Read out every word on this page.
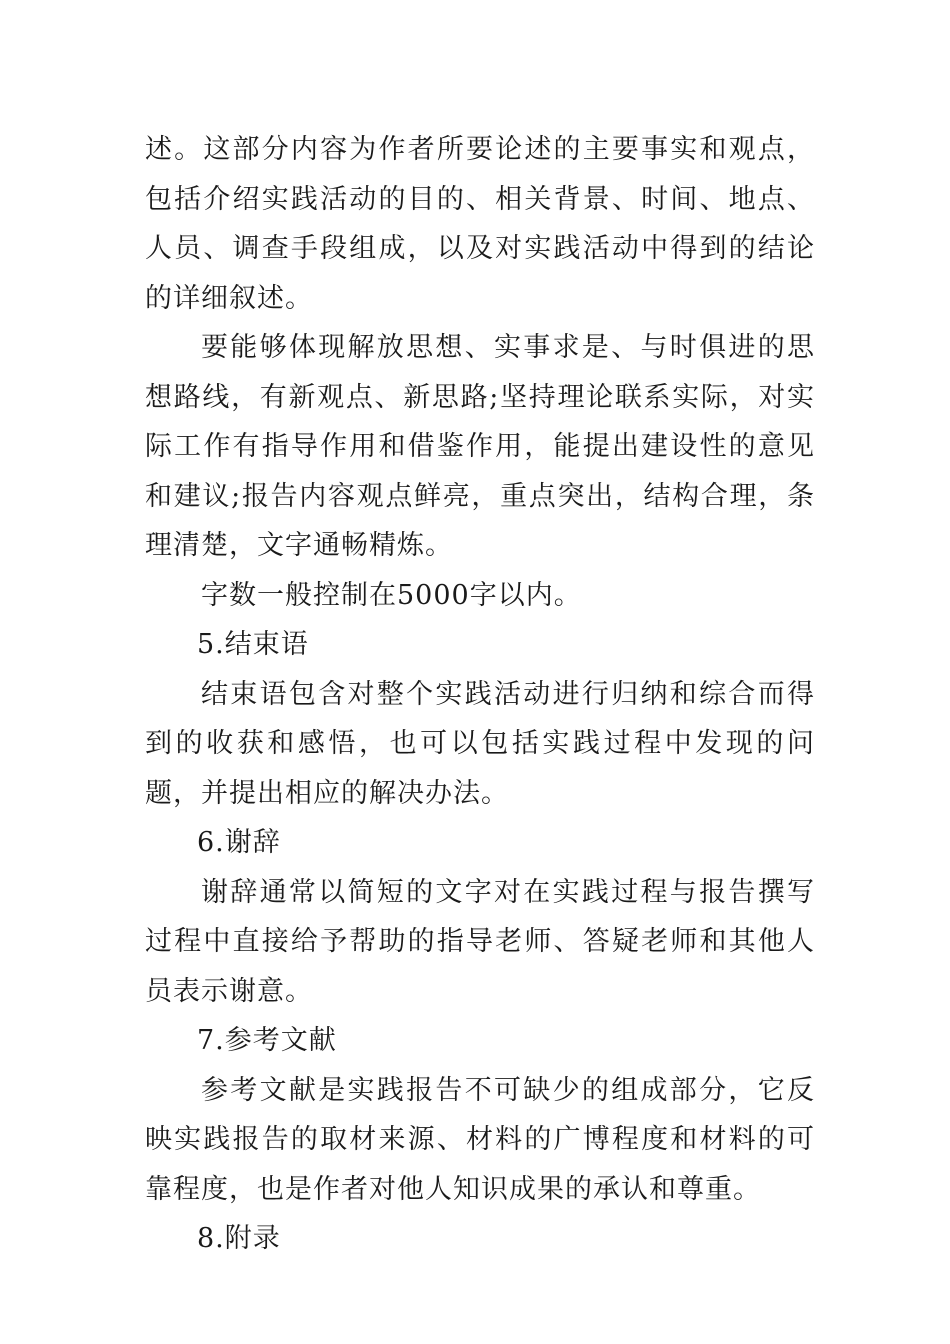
述。这部分内容为作者所要论述的主要事实和观点，包括介绍实践活动的目的、相关背景、时间、地点、人员、调查手段组成，以及对实践活动中得到的结论的详细叙述。

要能够体现解放思想、实事求是、与时俱进的思想路线，有新观点、新思路;坚持理论联系实际，对实际工作有指导作用和借鉴作用，能提出建设性的意见和建议;报告内容观点鲜亮，重点突出，结构合理，条理清楚，文字通畅精炼。

字数一般控制在5000字以内。

5.结束语

结束语包含对整个实践活动进行归纳和综合而得到的收获和感悟，也可以包括实践过程中发现的问题，并提出相应的解决办法。

6.谢辞

谢辞通常以简短的文字对在实践过程与报告撰写过程中直接给予帮助的指导老师、答疑老师和其他人员表示谢意。

7.参考文献

参考文献是实践报告不可缺少的组成部分，它反映实践报告的取材来源、材料的广博程度和材料的可靠程度，也是作者对他人知识成果的承认和尊重。

8.附录
